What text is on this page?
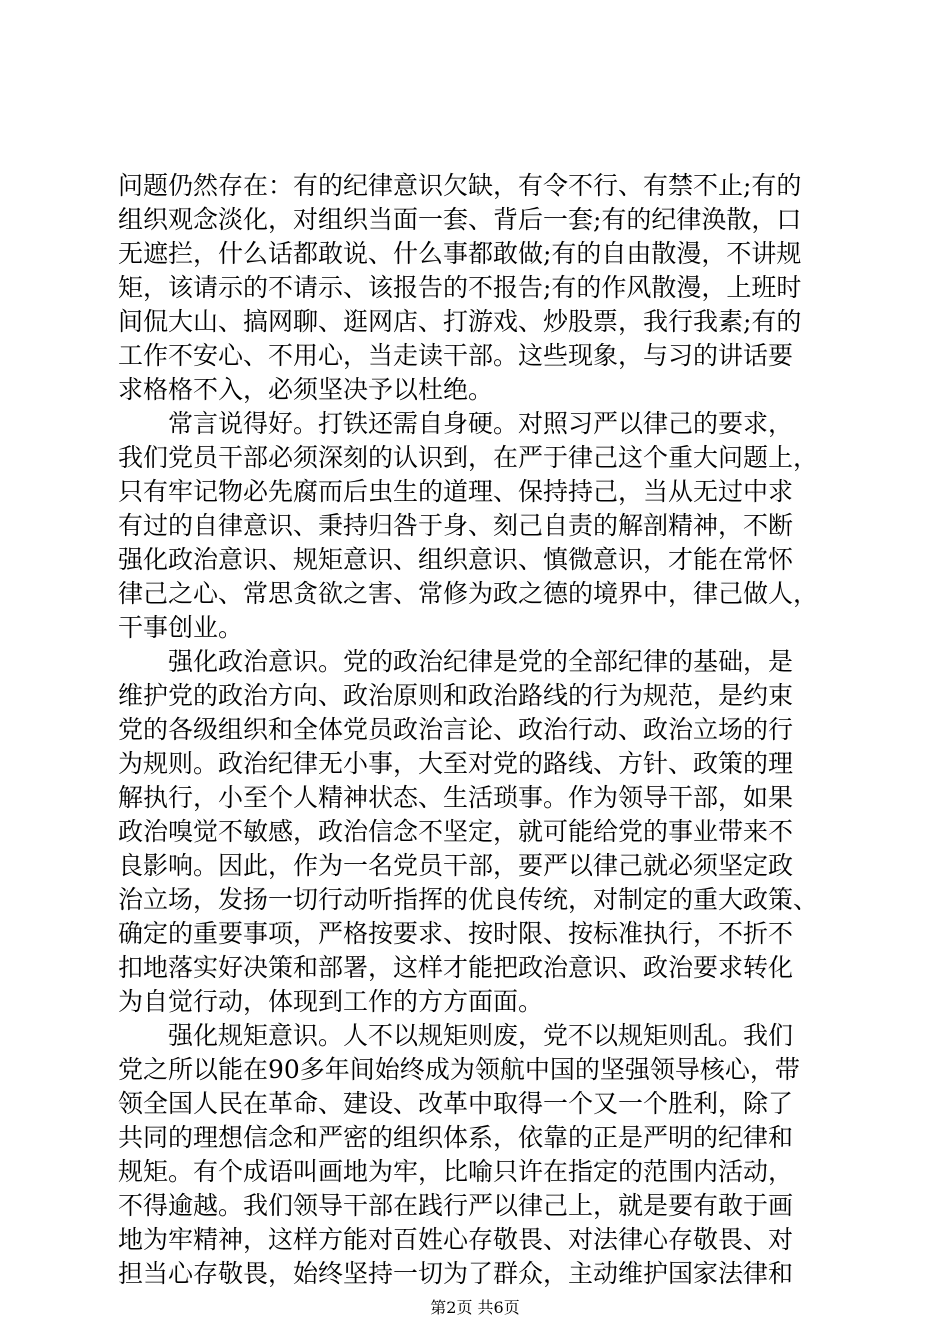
问题仍然存在：有的纪律意识欠缺，有令不行、有禁不止;有的
组织观念淡化，对组织当面一套、背后一套;有的纪律涣散，口
无遮拦，什么话都敢说、什么事都敢做;有的自由散漫，不讲规
矩，该请示的不请示、该报告的不报告;有的作风散漫，上班时
间侃大山、搞网聊、逛网店、打游戏、炒股票，我行我素;有的
工作不安心、不用心，当走读干部。这些现象，与习的讲话要
求格格不入，必须坚决予以杜绝。
　　常言说得好。打铁还需自身硬。对照习严以律己的要求，
我们党员干部必须深刻的认识到，在严于律己这个重大问题上，
只有牢记物必先腐而后虫生的道理、保持持己，当从无过中求
有过的自律意识、秉持归咎于身、刻己自责的解剖精神，不断
强化政治意识、规矩意识、组织意识、慎微意识，才能在常怀
律己之心、常思贪欲之害、常修为政之德的境界中，律己做人，
干事创业。
　　强化政治意识。党的政治纪律是党的全部纪律的基础，是
维护党的政治方向、政治原则和政治路线的行为规范，是约束
党的各级组织和全体党员政治言论、政治行动、政治立场的行
为规则。政治纪律无小事，大至对党的路线、方针、政策的理
解执行，小至个人精神状态、生活琐事。作为领导干部，如果
政治嗅觉不敏感，政治信念不坚定，就可能给党的事业带来不
良影响。因此，作为一名党员干部，要严以律己就必须坚定政
治立场，发扬一切行动听指挥的优良传统，对制定的重大政策、
确定的重要事项，严格按要求、按时限、按标准执行，不折不
扣地落实好决策和部署，这样才能把政治意识、政治要求转化
为自觉行动，体现到工作的方方面面。
　　强化规矩意识。人不以规矩则废，党不以规矩则乱。我们
党之所以能在90多年间始终成为领航中国的坚强领导核心，带
领全国人民在革命、建设、改革中取得一个又一个胜利，除了
共同的理想信念和严密的组织体系，依靠的正是严明的纪律和
规矩。有个成语叫画地为牢，比喻只许在指定的范围内活动，
不得逾越。我们领导干部在践行严以律己上，就是要有敢于画
地为牢精神，这样方能对百姓心存敬畏、对法律心存敬畏、对
担当心存敬畏，始终坚持一切为了群众，主动维护国家法律和
第2页 共6页
